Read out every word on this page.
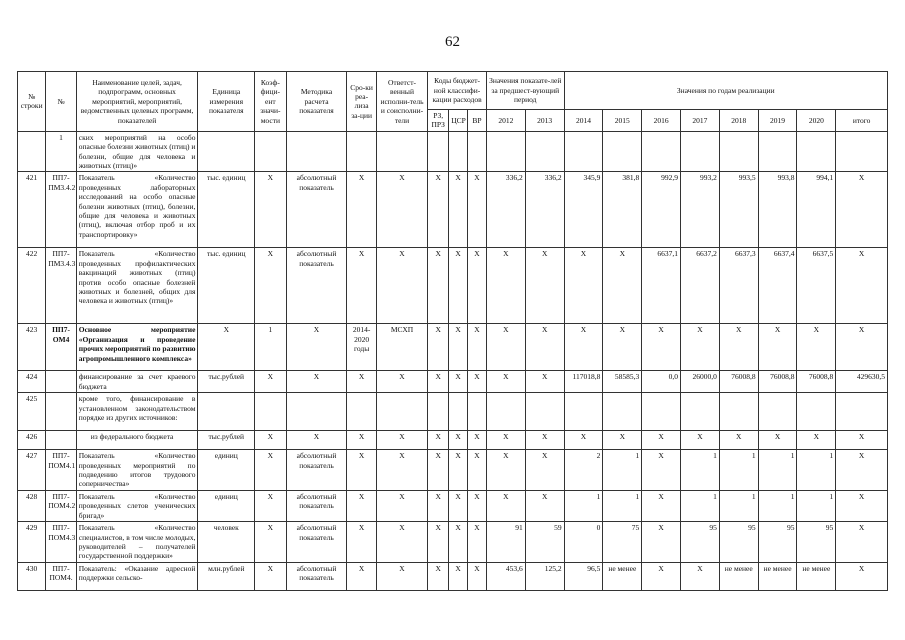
62
№ строки	№	Наименование целей, задач, подпрограмм, основных мероприятий, мероприятий, ведомственных целевых программ, показателей	Единица измерения показателя	Коэф-фици-ент значи-мости	Методика расчета показателя	Сро-ки реа-лиза за-ции	Ответст-венный исполни-тель и соисполни-тели	Коды бюджет-ной классифи-кации расходов			Значения показате-лей за предшест-вующий период		Значения по годам реализации							
								РЗ, ПРЗ	ЦСР	ВР	2012	2013	2014	2015	2016	2017	2018	2019	2020	итого
	1	ских мероприятий на особо опасные болезни животных (птиц) и болезни, общие для человека и животных (птиц)»																		
421	ПП7-ПМ3.4.2	Показатель «Количество проведенных лабораторных исследований на особо опасные болезни животных (птиц), болезни, общие для человека и животных (птиц), включая отбор проб и их транспортировку»	тыс. единиц	Х	абсолютный показатель	Х	Х	Х	Х	Х	336,2	336,2	345,9	381,8	992,9	993,2	993,5	993,8	994,1	Х
422	ПП7-ПМ3.4.3	Показатель «Количество проведенных профилактических вакцинаций животных (птиц) против особо опасные болезней животных и болезней, общих для человека и животных (птиц)»	тыс. единиц	Х	абсолютный показатель	Х	Х	Х	Х	Х	Х	Х	Х	Х	6637,1	6637,2	6637,3	6637,4	6637,5	Х
423	ПП7-ОМ4	Основное мероприятие «Организация и проведение прочих мероприятий по развитию агропромышленного комплекса»	Х	1	Х	2014-2020 годы	МСХП	Х	Х	Х	Х	Х	Х	Х	Х	Х	Х	Х	Х	Х
424		финансирование за счет краевого бюджета	тыс.рублей	Х	Х	Х	Х	Х	Х	Х	Х	Х	117018,8	58585,3	0,0	26000,0	76008,8	76008,8	76008,8	429630,5
425		кроме того, финансирование в установленном законодательством порядке из других источников:																		
426		из федерального бюджета	тыс.рублей	Х	Х	Х	Х	Х	Х	Х	Х	Х	Х	Х	Х	Х	Х	Х	Х	Х
427	ПП7-ПОМ4.1	Показатель «Количество проведенных мероприятий по подведению итогов трудового соперничества»	единиц	Х	абсолютный показатель	Х	Х	Х	Х	Х	Х	Х	2	1	Х	1	1	1	1	Х
428	ПП7-ПОМ4.2	Показатель «Количество проведенных слетов ученических бригад»	единиц	Х	абсолютный показатель	Х	Х	Х	Х	Х	Х	Х	1	1	Х	1	1	1	1	Х
429	ПП7-ПОМ4.3	Показатель «Количество специалистов, в том числе молодых, руководителей – получателей государственной поддержки»	человек	Х	абсолютный показатель	Х	Х	Х	Х	Х	91	59	0	75	Х	95	95	95	95	Х
430	ПП7-ПОМ4.	Показатель: «Оказание адресной поддержки сельско-	млн.рублей	Х	абсолютный показатель	Х	Х	Х	Х	Х	453,6	125,2	96,5	не менее	Х	Х	не менее	не менее	не менее	Х
